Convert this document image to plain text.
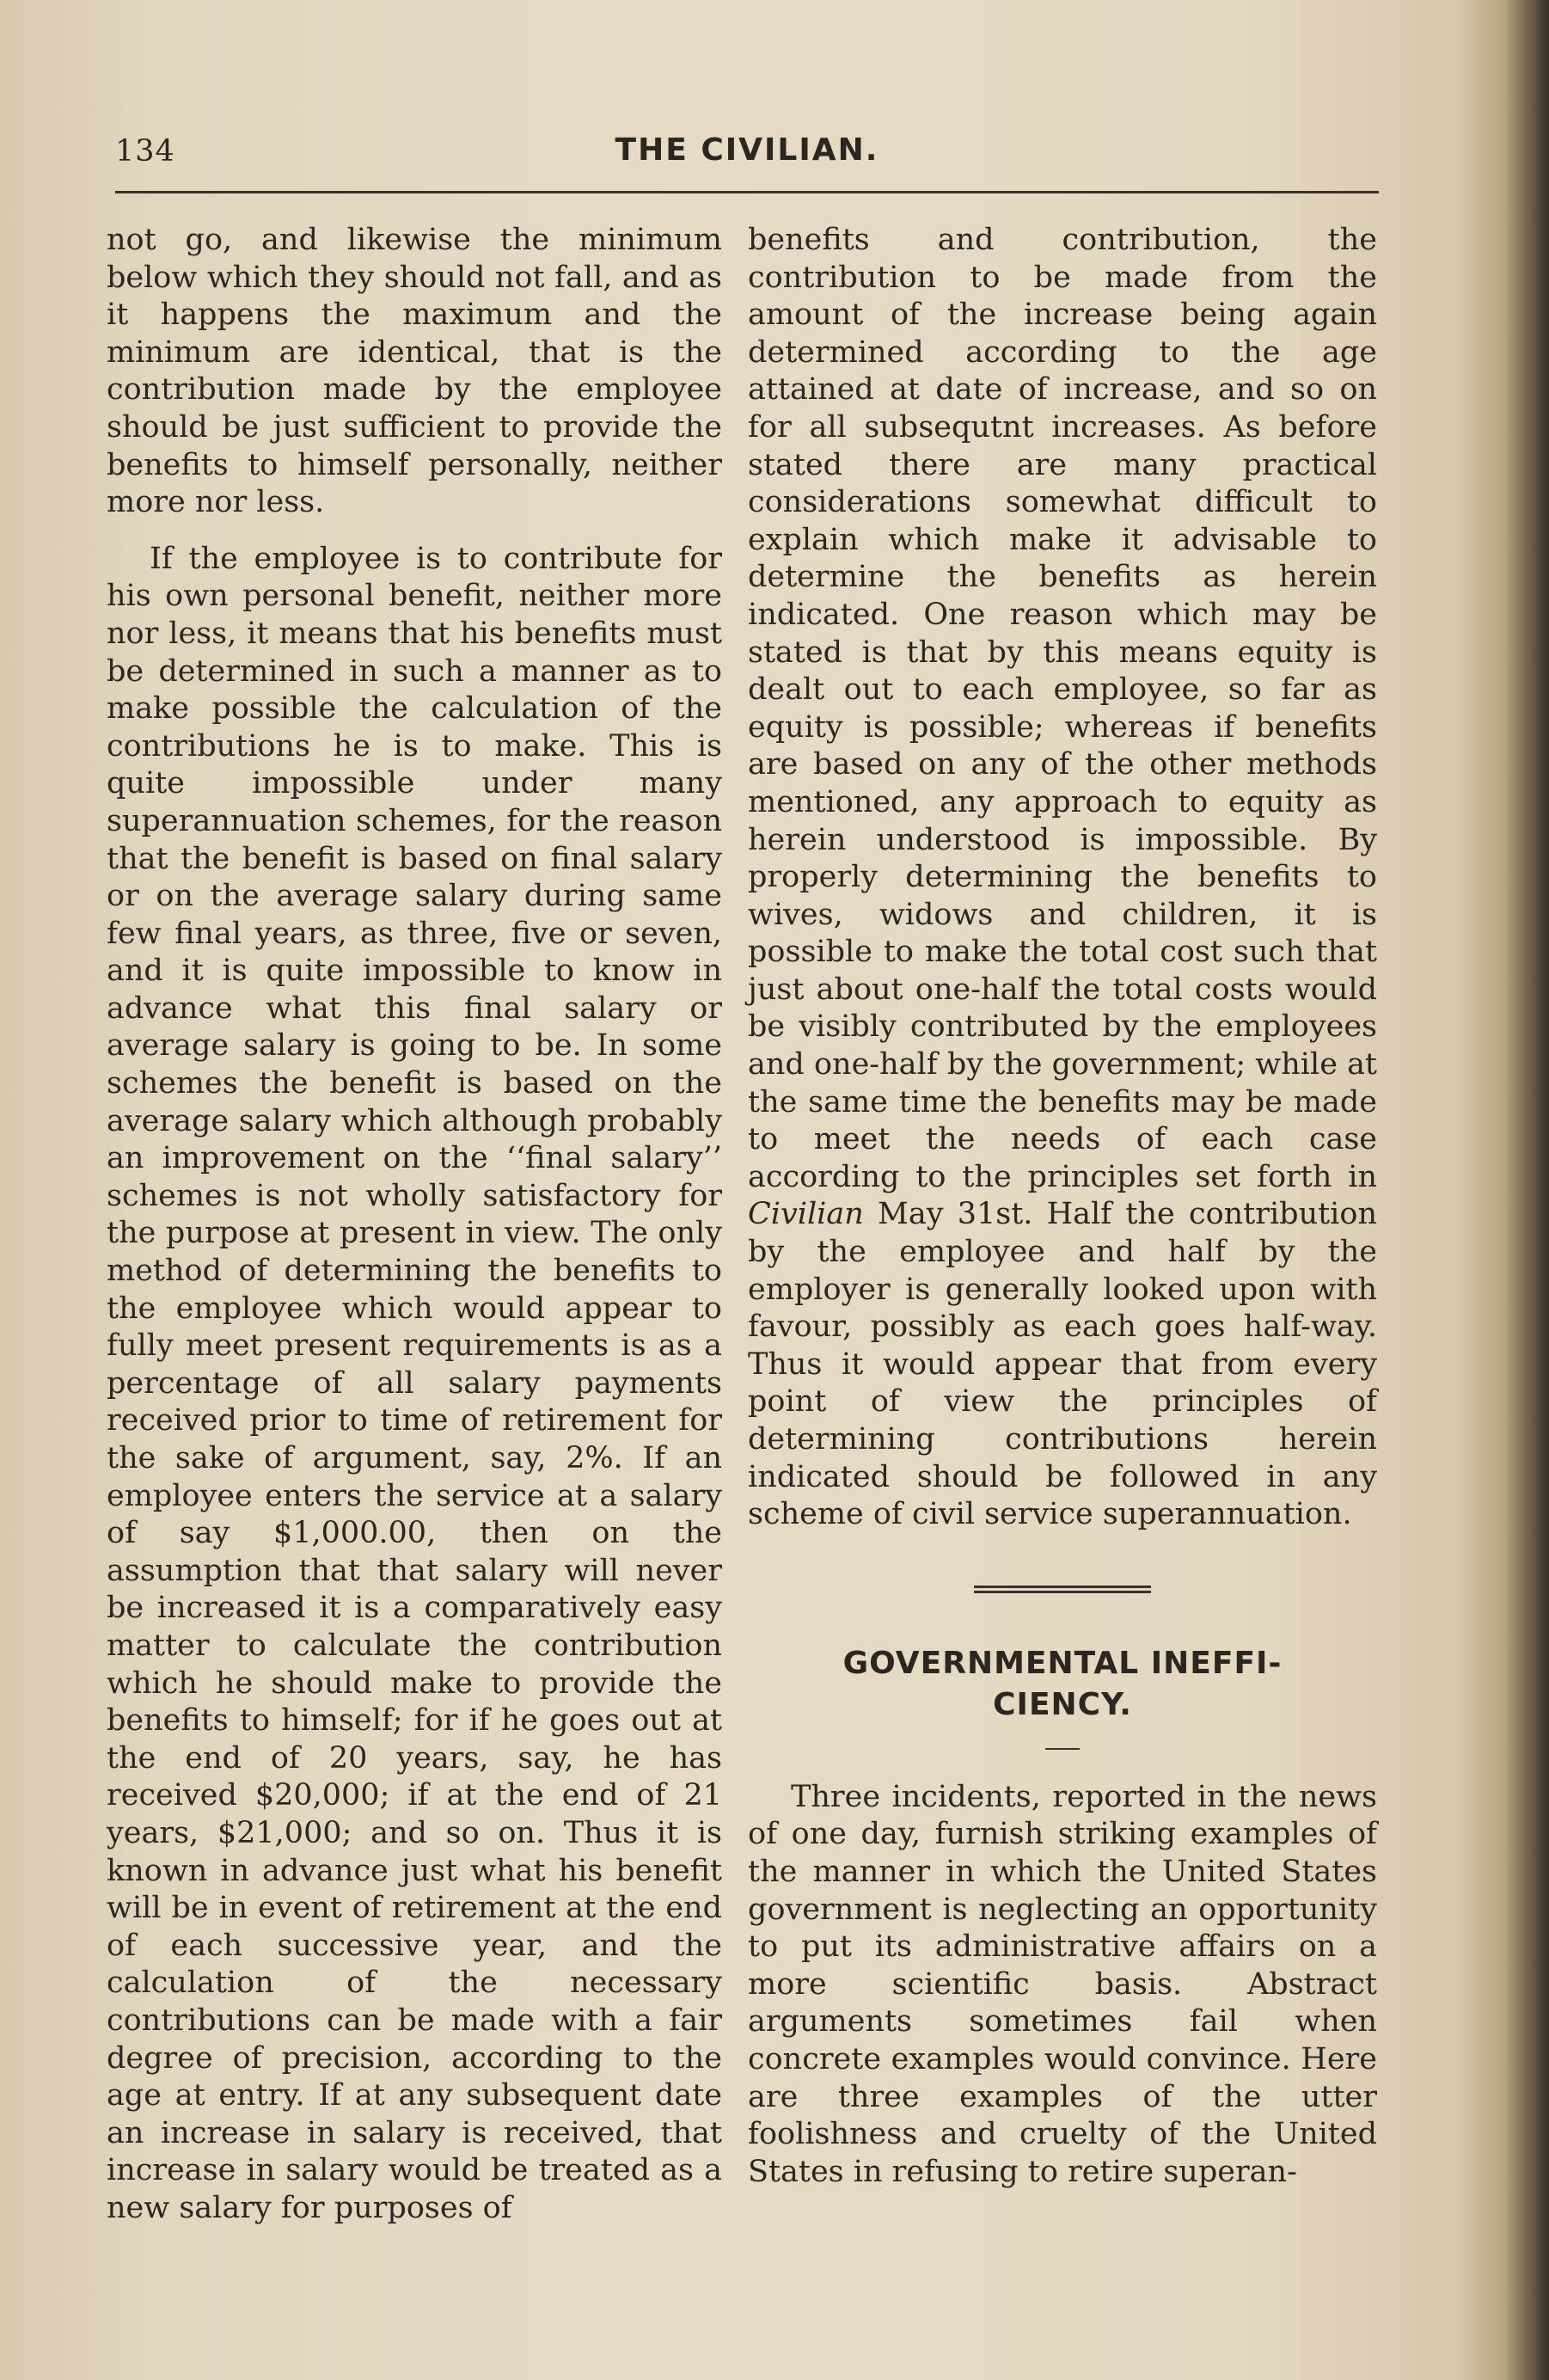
134	THE CIVILIAN.

not go, and likewise the minimum below which they should not fall, and as it happens the maximum and the minimum are identical, that is the contribution made by the employee should be just sufficient to provide the benefits to himself personally, neither more nor less.

If the employee is to contribute for his own personal benefit, neither more nor less, it means that his benefits must be determined in such a manner as to make possible the calculation of the contributions he is to make. This is quite impossible under many superannuation schemes, for the reason that the benefit is based on final salary or on the average salary during same few final years, as three, five or seven, and it is quite impossible to know in advance what this final salary or average salary is going to be. In some schemes the benefit is based on the average salary which although probably an improvement on the ‘‘final salary’’ schemes is not wholly satisfactory for the purpose at present in view. The only method of determining the benefits to the employee which would appear to fully meet present requirements is as a percentage of all salary payments received prior to time of retirement for the sake of argument, say, 2%. If an employee enters the service at a salary of say $1,000.00, then on the assumption that that salary will never be increased it is a comparatively easy matter to calculate the contribution which he should make to provide the benefits to himself; for if he goes out at the end of 20 years, say, he has received $20,000; if at the end of 21 years, $21,000; and so on. Thus it is known in advance just what his benefit will be in event of retirement at the end of each successive year, and the calculation of the necessary contributions can be made with a fair degree of precision, according to the age at entry. If at any subsequent date an increase in salary is received, that increase in salary would be treated as a new salary for purposes of

benefits and contribution, the contribution to be made from the amount of the increase being again determined according to the age attained at date of increase, and so on for all subsequtnt increases. As before stated there are many practical considerations somewhat difficult to explain which make it advisable to determine the benefits as herein indicated. One reason which may be stated is that by this means equity is dealt out to each employee, so far as equity is possible; whereas if benefits are based on any of the other methods mentioned, any approach to equity as herein understood is impossible. By properly determining the benefits to wives, widows and children, it is possible to make the total cost such that just about one-half the total costs would be visibly contributed by the employees and one-half by the government; while at the same time the benefits may be made to meet the needs of each case according to the principles set forth in Civilian May 31st. Half the contribution by the employee and half by the employer is generally looked upon with favour, possibly as each goes half-way. Thus it would appear that from every point of view the principles of determining contributions herein indicated should be followed in any scheme of civil service superannuation.

GOVERNMENTAL INEFFI-
CIENCY.

Three incidents, reported in the news of one day, furnish striking examples of the manner in which the United States government is neglecting an opportunity to put its administrative affairs on a more scientific basis. Abstract arguments sometimes fail when concrete examples would convince. Here are three examples of the utter foolishness and cruelty of the United States in refusing to retire superan-
